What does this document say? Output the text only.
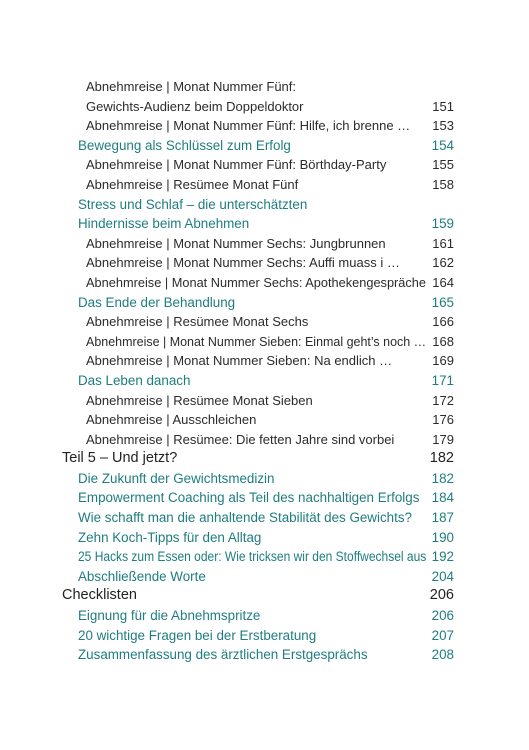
Abnehmreise | Monat Nummer Fünf:
Gewichts-Audienz beim Doppeldoktor	151
Abnehmreise | Monat Nummer Fünf: Hilfe, ich brenne … 153
Bewegung als Schlüssel zum Erfolg	154
Abnehmreise | Monat Nummer Fünf: Börthday-Party	155
Abnehmreise | Resümee Monat Fünf	158
Stress und Schlaf – die unterschätzten
Hindernisse beim Abnehmen	159
Abnehmreise | Monat Nummer Sechs: Jungbrunnen	161
Abnehmreise | Monat Nummer Sechs: Auffi muass i … 162
Abnehmreise | Monat Nummer Sechs: Apothekengespräche 164
Das Ende der Behandlung	165
Abnehmreise | Resümee Monat Sechs	166
Abnehmreise | Monat Nummer Sieben: Einmal geht’s noch … 168
Abnehmreise | Monat Nummer Sieben: Na endlich …	169
Das Leben danach	171
Abnehmreise | Resümee Monat Sieben	172
Abnehmreise | Ausschleichen	176
Abnehmreise | Resümee: Die fetten Jahre sind vorbei	179
Teil 5 – Und jetzt?	182
Die Zukunft der Gewichtsmedizin	182
Empowerment Coaching als Teil des nachhaltigen Erfolgs 184
Wie schafft man die anhaltende Stabilität des Gewichts? 187
Zehn Koch-Tipps für den Alltag	190
25 Hacks zum Essen oder: Wie tricksen wir den Stoffwechsel aus 192
Abschließende Worte	204
Checklisten	206
Eignung für die Abnehmspritze	206
20 wichtige Fragen bei der Erstberatung	207
Zusammenfassung des ärztlichen Erstgesprächs	208
